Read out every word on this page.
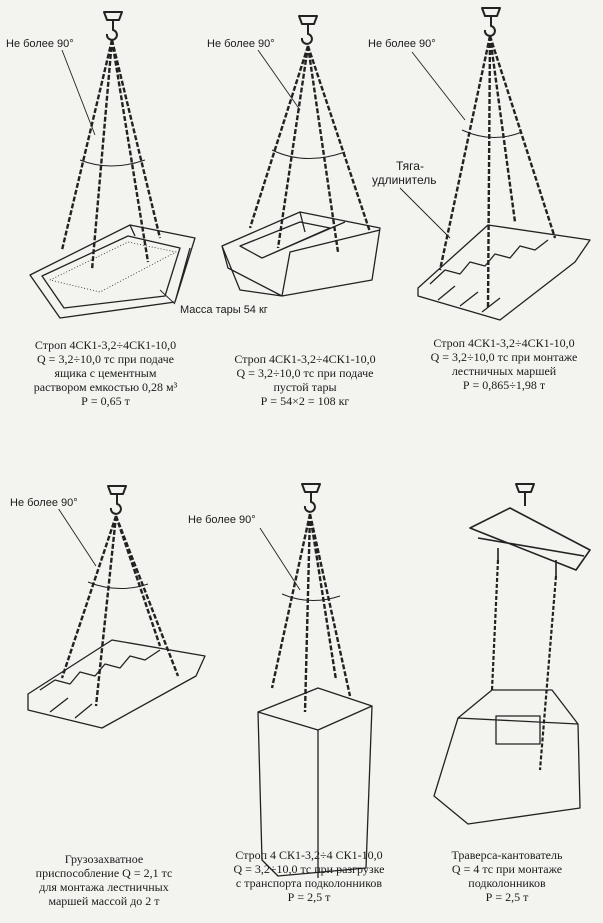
Не более 90°	Не более 90°	Не более 90°
Не более 90°
Не более 90°
Масса тары 54 кг
Тяга-
удлинитель
Строп 4СК1-3,2÷4СК1-10,0
Q = 3,2÷10,0 тс при подаче
ящика с цементным
раствором емкостью 0,28 м³
Р = 0,65 т
Строп 4СК1-3,2÷4СК1-10,0
Q = 3,2÷10,0 тс при подаче
пустой тары
Р = 54×2 = 108 кг
Строп 4СК1-3,2÷4СК1-10,0
Q = 3,2÷10,0 тс при монтаже
лестничных маршей
Р = 0,865÷1,98 т
Грузозахватное
приспособление Q = 2,1 тс
для монтажа лестничных
маршей массой до 2 т
Строп 4 СК1-3,2÷4 СК1-10,0
Q = 3,2÷10,0 тс при разгрузке
с транспорта подколонников
Р = 2,5 т
Траверса-кантователь
Q = 4 тс при монтаже
подколонников
Р = 2,5 т
